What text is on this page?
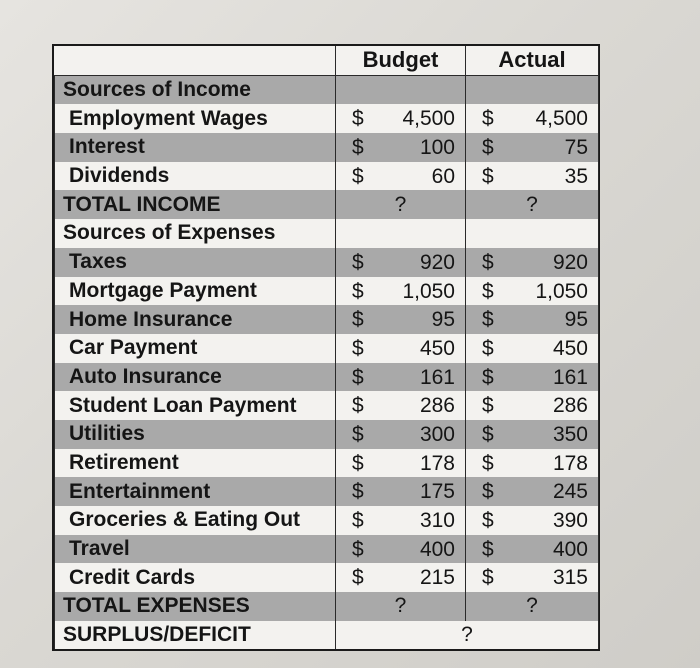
	Budget	Actual
Sources of Income		
Employment Wages	$ 4,500	$ 4,500

Interest	$ 100	$ 75

Dividends	$ 60	$ 35

TOTAL INCOME	?	?
Sources of Expenses		
Taxes	$ 920	$ 920

Mortgage Payment	$ 1,050	$ 1,050

Home Insurance	$ 95	$ 95

Car Payment	$ 450	$ 450

Auto Insurance	$ 161	$ 161

Student Loan Payment	$ 286	$ 286

Utilities	$ 300	$ 350

Retirement	$ 178	$ 178

Entertainment	$ 175	$ 245

Groceries & Eating Out	$ 310	$ 390

Travel	$ 400	$ 400

Credit Cards	$ 215	$ 315

TOTAL EXPENSES	?	?
SURPLUS/DEFICIT	?	
